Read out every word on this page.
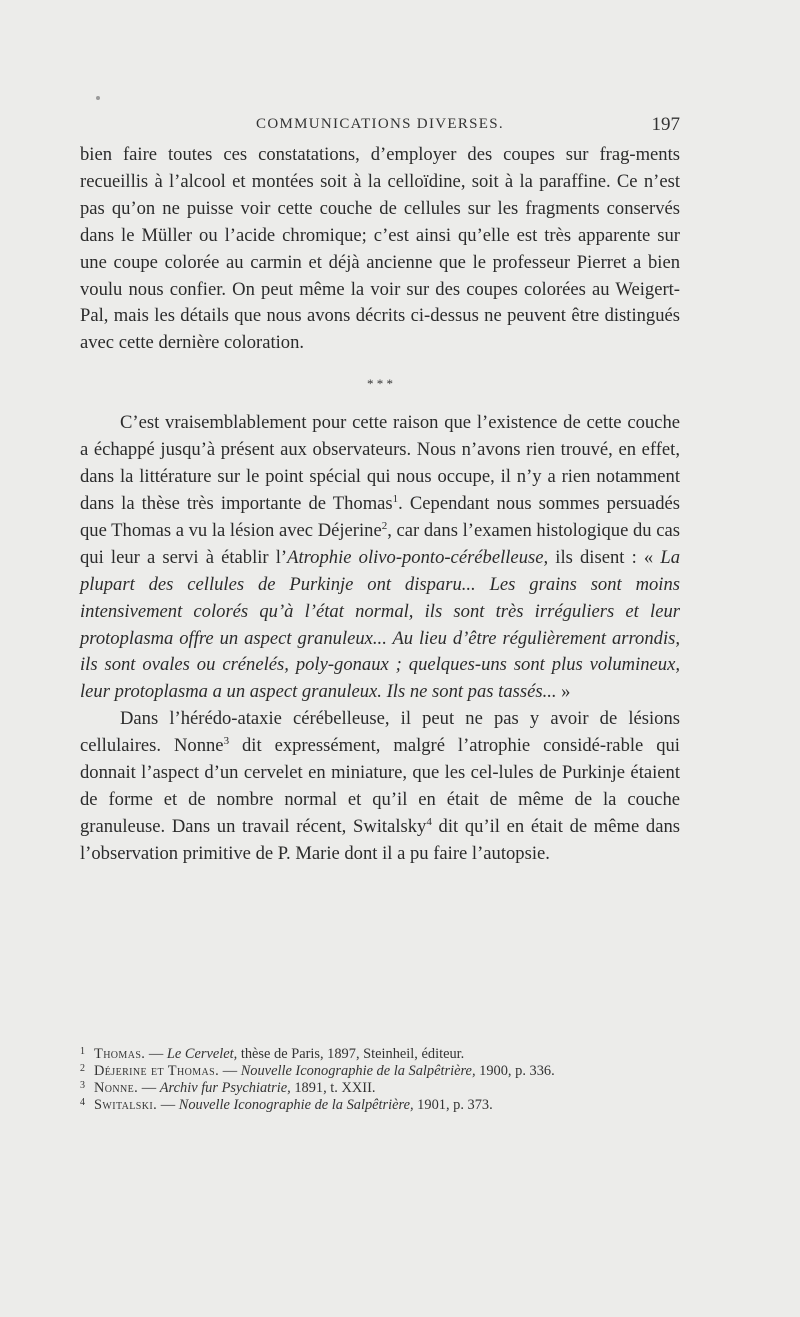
COMMUNICATIONS DIVERSES.	197

bien faire toutes ces constatations, d’employer des coupes sur frag-ments recueillis à l’alcool et montées soit à la celloïdine, soit à la paraffine. Ce n’est pas qu’on ne puisse voir cette couche de cellules sur les fragments conservés dans le Müller ou l’acide chromique; c’est ainsi qu’elle est très apparente sur une coupe colorée au carmin et déjà ancienne que le professeur Pierret a bien voulu nous confier. On peut même la voir sur des coupes colorées au Weigert-Pal, mais les détails que nous avons décrits ci-dessus ne peuvent être distingués avec cette dernière coloration.

* * *

C’est vraisemblablement pour cette raison que l’existence de cette couche a échappé jusqu’à présent aux observateurs. Nous n’avons rien trouvé, en effet, dans la littérature sur le point spécial qui nous occupe, il n’y a rien notamment dans la thèse très importante de Thomas$^1$. Cependant nous sommes persuadés que Thomas a vu la lésion avec Déjerine$^2$, car dans l’examen histologique du cas qui leur a servi à établir l’Atrophie olivo-ponto-cérébelleuse, ils disent : « La plupart des cellules de Purkinje ont disparu... Les grains sont moins intensivement colorés qu’à l’état normal, ils sont très irréguliers et leur protoplasma offre un aspect granuleux... Au lieu d’être régulièrement arrondis, ils sont ovales ou crénelés, poly-gonaux ; quelques-uns sont plus volumineux, leur protoplasma a un aspect granuleux. Ils ne sont pas tassés... »

Dans l’hérédo-ataxie cérébelleuse, il peut ne pas y avoir de lésions cellulaires. Nonne$^3$ dit expressément, malgré l’atrophie considé-rable qui donnait l’aspect d’un cervelet en miniature, que les cel-lules de Purkinje étaient de forme et de nombre normal et qu’il en était de même de la couche granuleuse. Dans un travail récent, Switalsky$^4$ dit qu’il en était de même dans l’observation primitive de P. Marie dont il a pu faire l’autopsie.

1 Thomas. — Le Cervelet, thèse de Paris, 1897, Steinheil, éditeur.

2 Déjerine et Thomas. — Nouvelle Iconographie de la Salpêtrière, 1900, p. 336.

3 Nonne. — Archiv fur Psychiatrie, 1891, t. XXII.

4 Switalski. — Nouvelle Iconographie de la Salpêtrière, 1901, p. 373.
